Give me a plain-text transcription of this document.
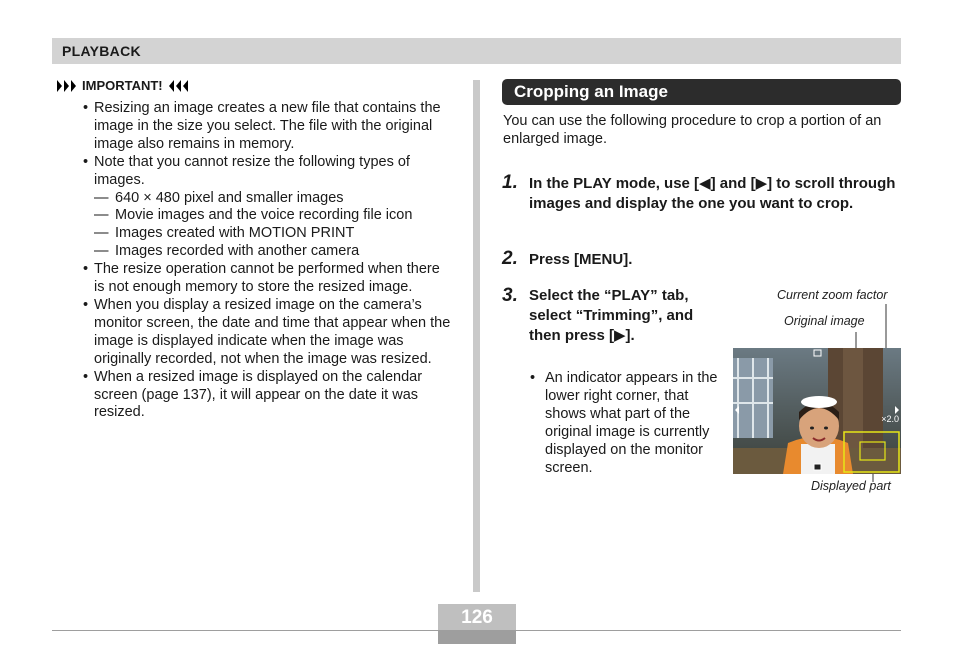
PLAYBACK
IMPORTANT!
• Resizing an image creates a new file that contains the image in the size you select. The file with the original image also remains in memory.
• Note that you cannot resize the following types of images.
— 640 × 480 pixel and smaller images
— Movie images and the voice recording file icon
— Images created with MOTION PRINT
— Images recorded with another camera
• The resize operation cannot be performed when there is not enough memory to store the resized image.
• When you display a resized image on the camera’s monitor screen, the date and time that appear when the image is displayed indicate when the image was originally recorded, not when the image was resized.
• When a resized image is displayed on the calendar screen (page 137), it will appear on the date it was resized.
Cropping an Image
You can use the following procedure to crop a portion of an enlarged image.
1. In the PLAY mode, use [◀] and [▶] to scroll through images and display the one you want to crop.
2. Press [MENU].
3. Select the “PLAY” tab, select “Trimming”, and then press [▶].
• An indicator appears in the lower right corner, that shows what part of the original image is currently displayed on the monitor screen.
Current zoom factor
Original image
Displayed part
×2.0
126
